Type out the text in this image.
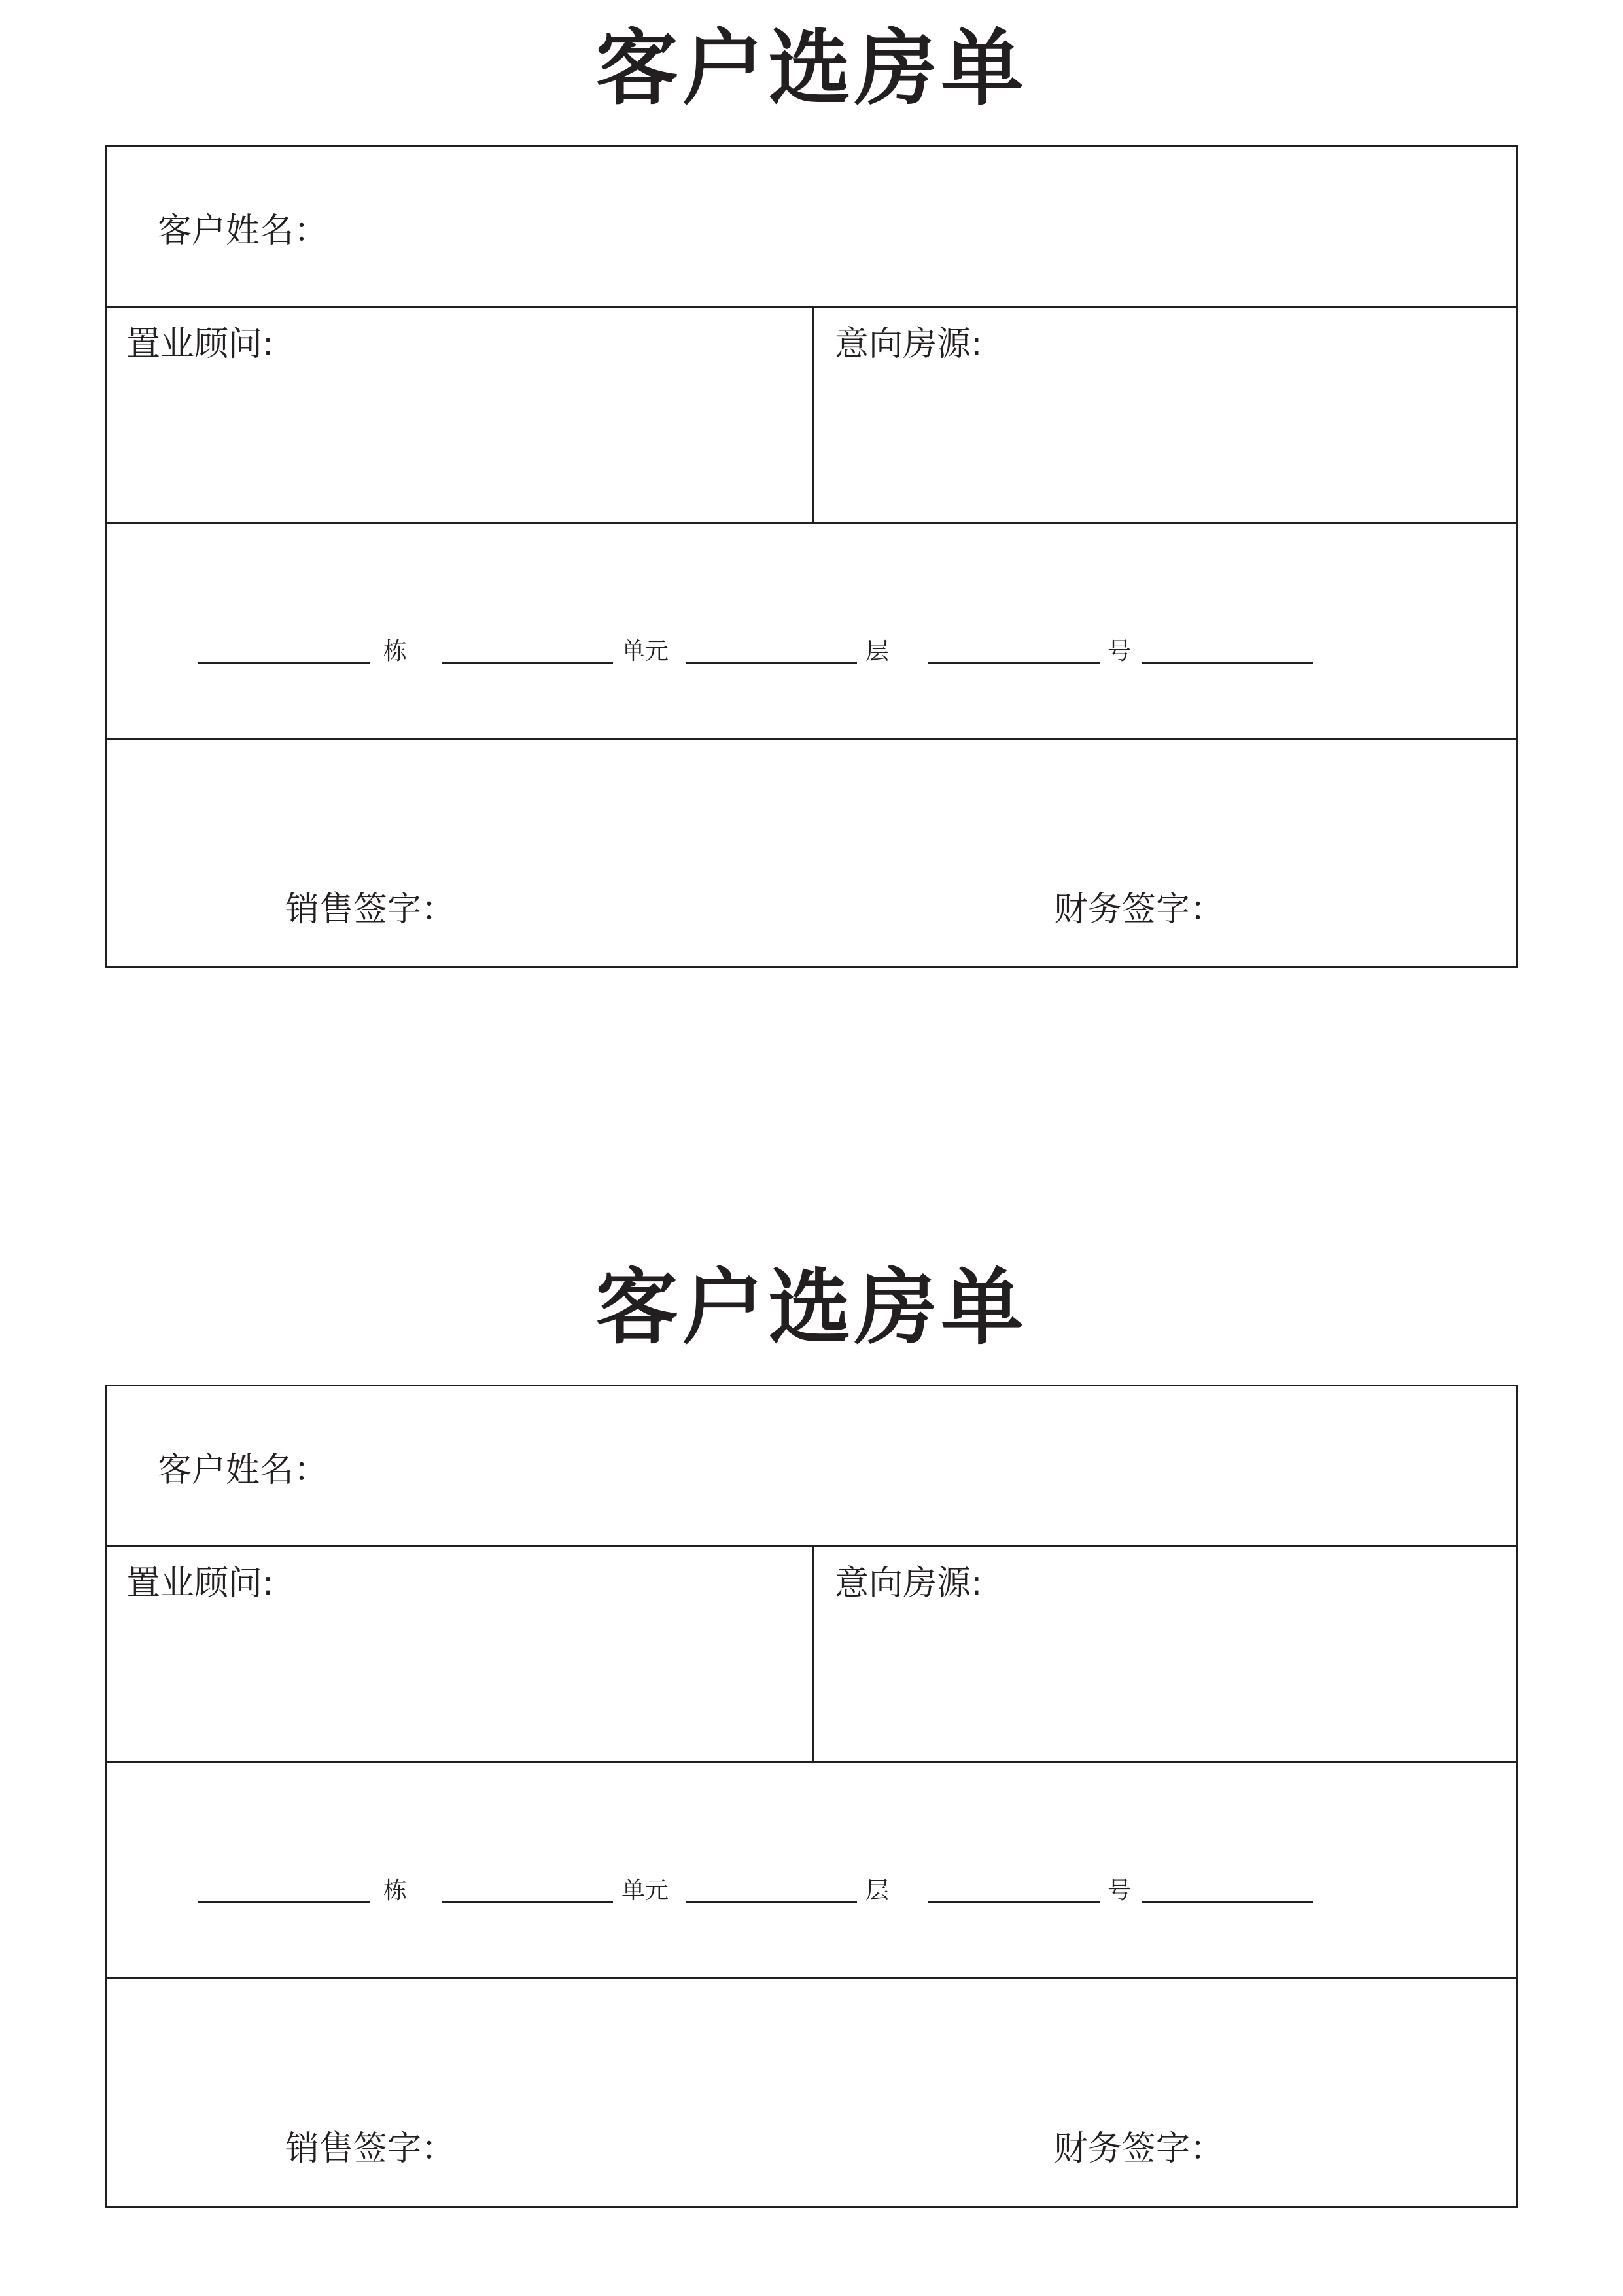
客户选房单
客户姓名：
置业顾问:	意向房源:
栋	单元	层	号
销售签字：	财务签字：
客户选房单
客户姓名：
置业顾问:	意向房源:
栋	单元	层	号
销售签字：	财务签字：
